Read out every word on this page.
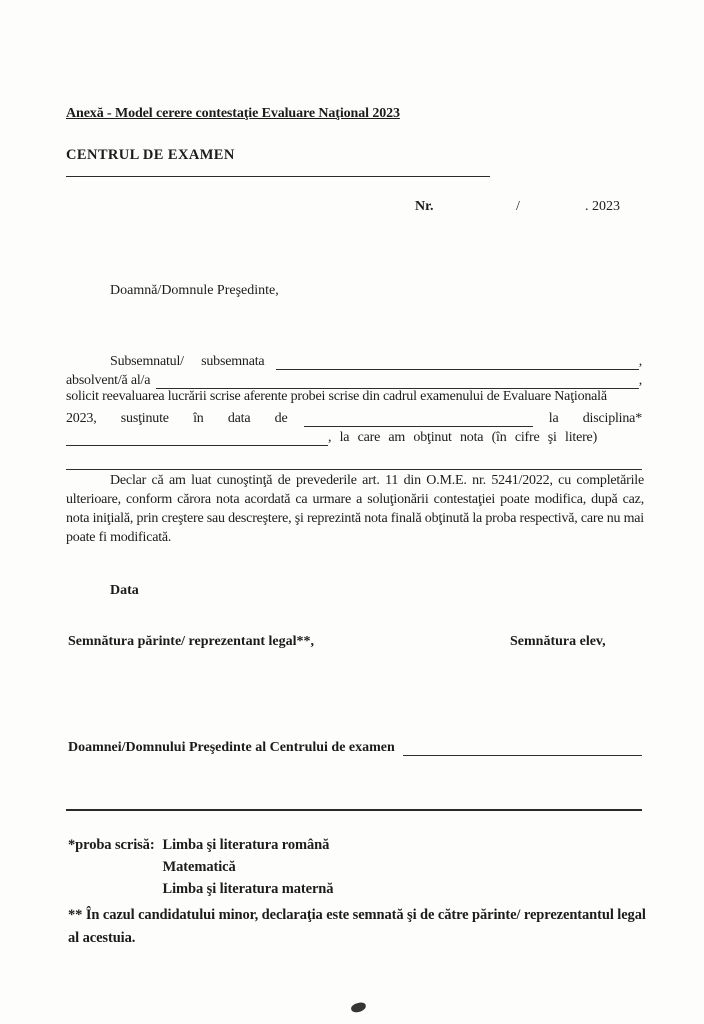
Anexă - Model cerere contestaţie Evaluare Naţional 2023
CENTRUL DE EXAMEN
Nr.	/	. 2023
Doamnă/Domnule Preşedinte,
Subsemnatul/ subsemnata	,
absolvent/ă al/a	,
solicit reevaluarea lucrării scrise aferente probei scrise din cadrul examenului de Evaluare Naţională
2023, susţinute în data de	la disciplina*
, la care am obţinut nota (în cifre şi litere)
Declar că am luat cunoştinţă de prevederile art. 11 din O.M.E. nr. 5241/2022, cu completările ulterioare, conform cărora nota acordată ca urmare a soluţionării contestaţiei poate modifica, după caz, nota iniţială, prin creştere sau descreştere, şi reprezintă nota finală obţinută la proba respectivă, care nu mai poate fi modificată.
Data
Semnătura părinte/ reprezentant legal**,	Semnătura elev,
Doamnei/Domnului Preşedinte al Centrului de examen
*proba scrisă: Limba şi literatura română
Matematică
Limba şi literatura maternă
** În cazul candidatului minor, declaraţia este semnată şi de către părinte/ reprezentantul legal al acestuia.
